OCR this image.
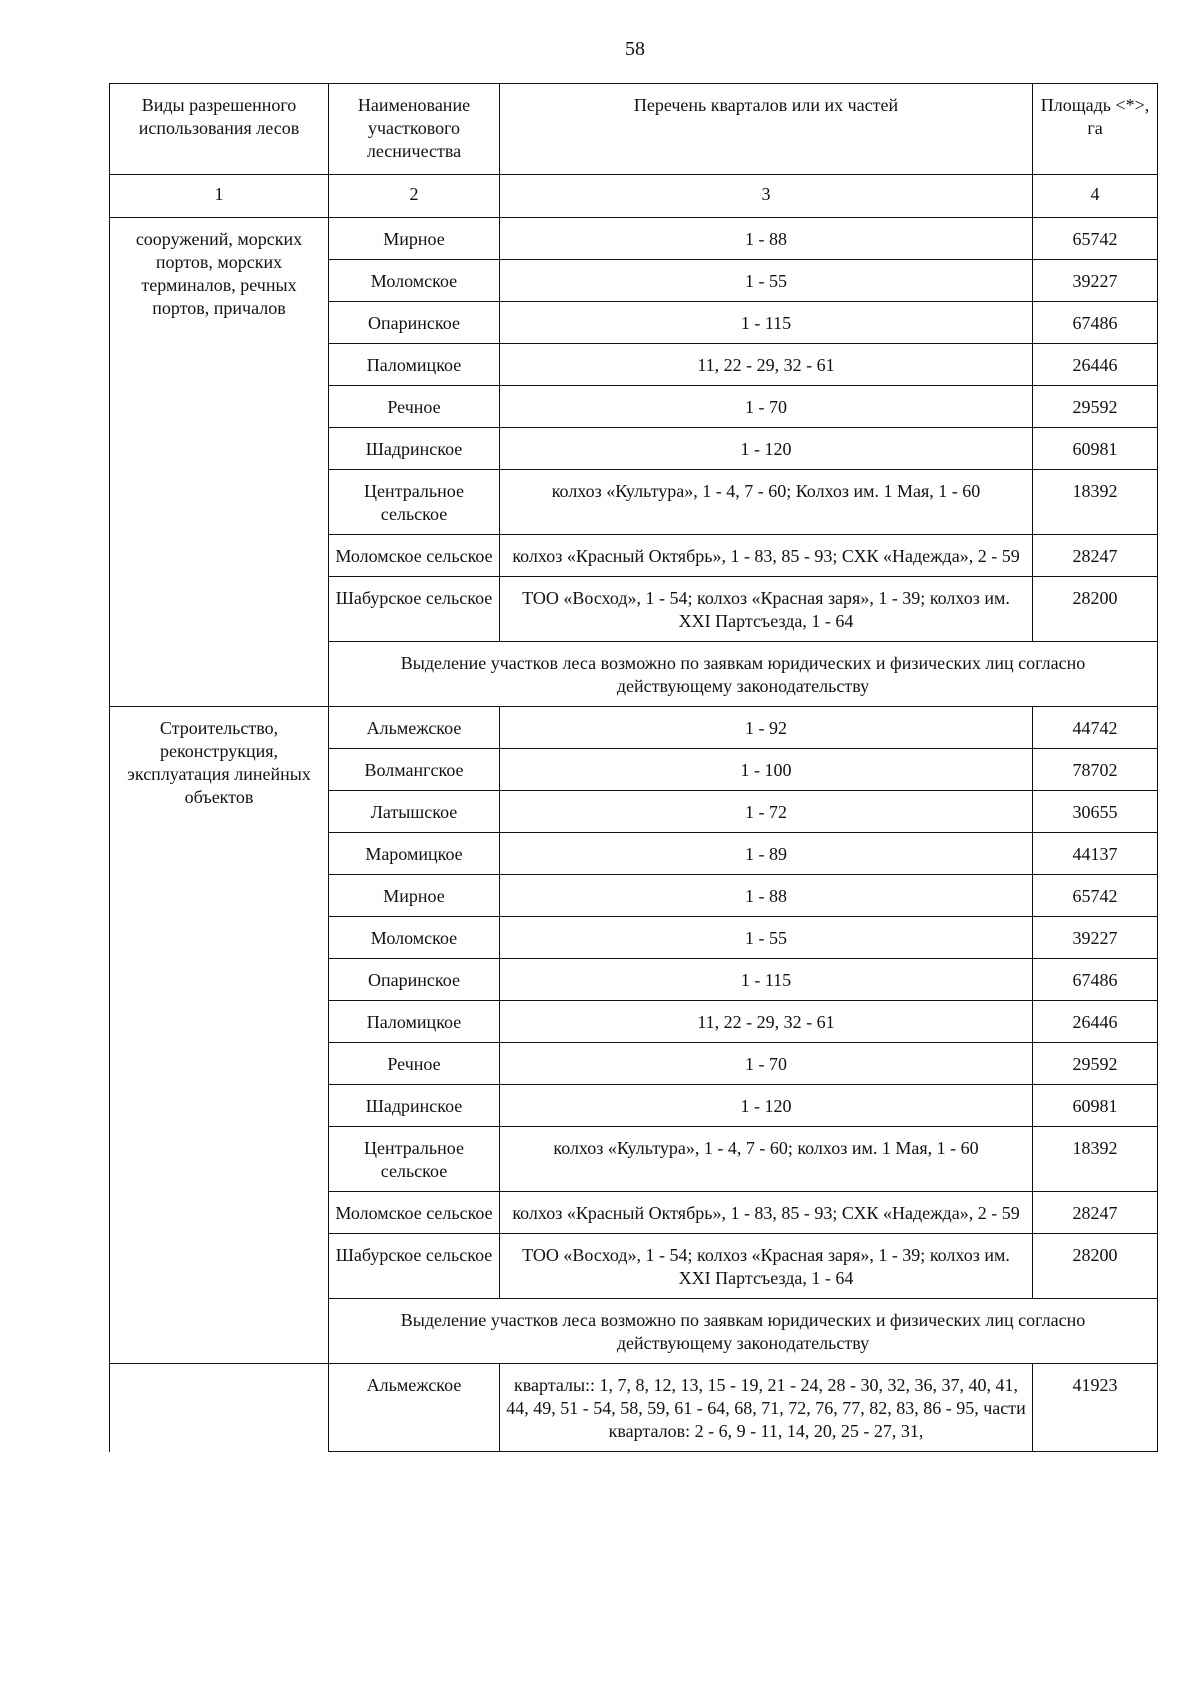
58
Виды разрешенного использования лесов	Наименование участкового лесничества	Перечень кварталов или их частей	Площадь <*>, га
1	2	3	4
сооружений, морских портов, морских терминалов, речных портов, причалов	Мирное	1 - 88	65742
	Моломское	1 - 55	39227
	Опаринское	1 - 115	67486
	Паломицкое	11, 22 - 29, 32 - 61	26446
	Речное	1 - 70	29592
	Шадринское	1 - 120	60981
	Центральное сельское	колхоз «Культура», 1 - 4, 7 - 60; Колхоз им. 1 Мая, 1 - 60	18392
	Моломское сельское	колхоз «Красный Октябрь», 1 - 83, 85 - 93; СХК «Надежда», 2 - 59	28247
	Шабурское сельское	ТОО «Восход», 1 - 54; колхоз «Красная заря», 1 - 39; колхоз им. XXI Партсъезда, 1 - 64	28200
	Выделение участков леса возможно по заявкам юридических и физических лиц согласно действующему законодательству		
Строительство, реконструкция, эксплуатация линейных объектов	Альмежское	1 - 92	44742
	Волмангское	1 - 100	78702
	Латышское	1 - 72	30655
	Маромицкое	1 - 89	44137
	Мирное	1 - 88	65742
	Моломское	1 - 55	39227
	Опаринское	1 - 115	67486
	Паломицкое	11, 22 - 29, 32 - 61	26446
	Речное	1 - 70	29592
	Шадринское	1 - 120	60981
	Центральное сельское	колхоз «Культура», 1 - 4, 7 - 60; колхоз им. 1 Мая, 1 - 60	18392
	Моломское сельское	колхоз «Красный Октябрь», 1 - 83, 85 - 93; СХК «Надежда», 2 - 59	28247
	Шабурское сельское	ТОО «Восход», 1 - 54; колхоз «Красная заря», 1 - 39; колхоз им. XXI Партсъезда, 1 - 64	28200
	Выделение участков леса возможно по заявкам юридических и физических лиц согласно действующему законодательству		
	Альмежское	кварталы:: 1, 7, 8, 12, 13, 15 - 19, 21 - 24, 28 - 30, 32, 36, 37, 40, 41, 44, 49, 51 - 54, 58, 59, 61 - 64, 68, 71, 72, 76, 77, 82, 83, 86 - 95, части кварталов: 2 - 6, 9 - 11, 14, 20, 25 - 27, 31,	41923
